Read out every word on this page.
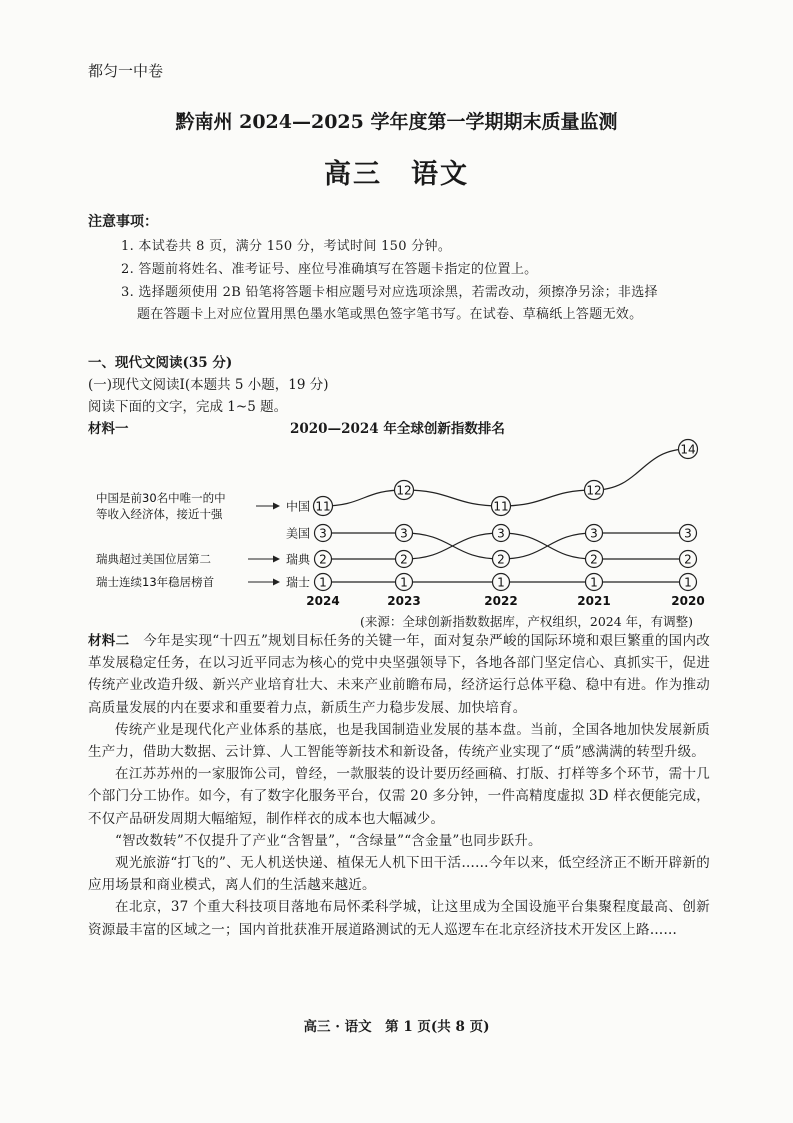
都匀一中卷
黔南州 2024—2025 学年度第一学期期末质量监测
高三　语文
注意事项：
1. 本试卷共 8 页，满分 150 分，考试时间 150 分钟。
2. 答题前将姓名、准考证号、座位号准确填写在答题卡指定的位置上。
3. 选择题须使用 2B 铅笔将答题卡相应题号对应选项涂黑，若需改动，须擦净另涂；非选择
题在答题卡上对应位置用黑色墨水笔或黑色签字笔书写。在试卷、草稿纸上答题无效。
一、现代文阅读(35 分)
(一)现代文阅读Ⅰ(本题共 5 小题，19 分)
阅读下面的文字，完成 1~5 题。
材料一	2020—2024 年全球创新指数排名
中国是前30名中唯一的中
等收入经济体，接近十强
瑞典超过美国位居第二
瑞士连续13年稳居榜首
11
12
11
12
14
3	3
2
3	3
2	2
3
2	2
1	1	1	1	1
中国
美国
瑞典
瑞士
2024	2023	2022	2021	2020
(来源：全球创新指数数据库，产权组织，2024 年，有调整)

材料二　 今年是实现“十四五”规划目标任务的关键一年，面对复杂严峻的国际环境和艰巨繁重的国内改革发展稳定任务，在以习近平同志为核心的党中央坚强领导下，各地各部门坚定信心、真抓实干，促进传统产业改造升级、新兴产业培育壮大、未来产业前瞻布局，经济运行总体平稳、稳中有进。作为推动高质量发展的内在要求和重要着力点，新质生产力稳步发展、加快培育。

传统产业是现代化产业体系的基底，也是我国制造业发展的基本盘。当前，全国各地加快发展新质生产力，借助大数据、云计算、人工智能等新技术和新设备，传统产业实现了“质”感满满的转型升级。

在江苏苏州的一家服饰公司，曾经，一款服装的设计要历经画稿、打版、打样等多个环节，需十几个部门分工协作。如今，有了数字化服务平台，仅需 20 多分钟，一件高精度虚拟 3D 样衣便能完成，不仅产品研发周期大幅缩短，制作样衣的成本也大幅减少。

“智改数转”不仅提升了产业“含智量”，“含绿量”“含金量”也同步跃升。

观光旅游“打飞的”、无人机送快递、植保无人机下田干活……今年以来，低空经济正不断开辟新的应用场景和商业模式，离人们的生活越来越近。

在北京，37 个重大科技项目落地布局怀柔科学城，让这里成为全国设施平台集聚程度最高、创新资源最丰富的区域之一；国内首批获准开展道路测试的无人巡逻车在北京经济技术开发区上路……

高三 · 语文　第 1 页(共 8 页)
